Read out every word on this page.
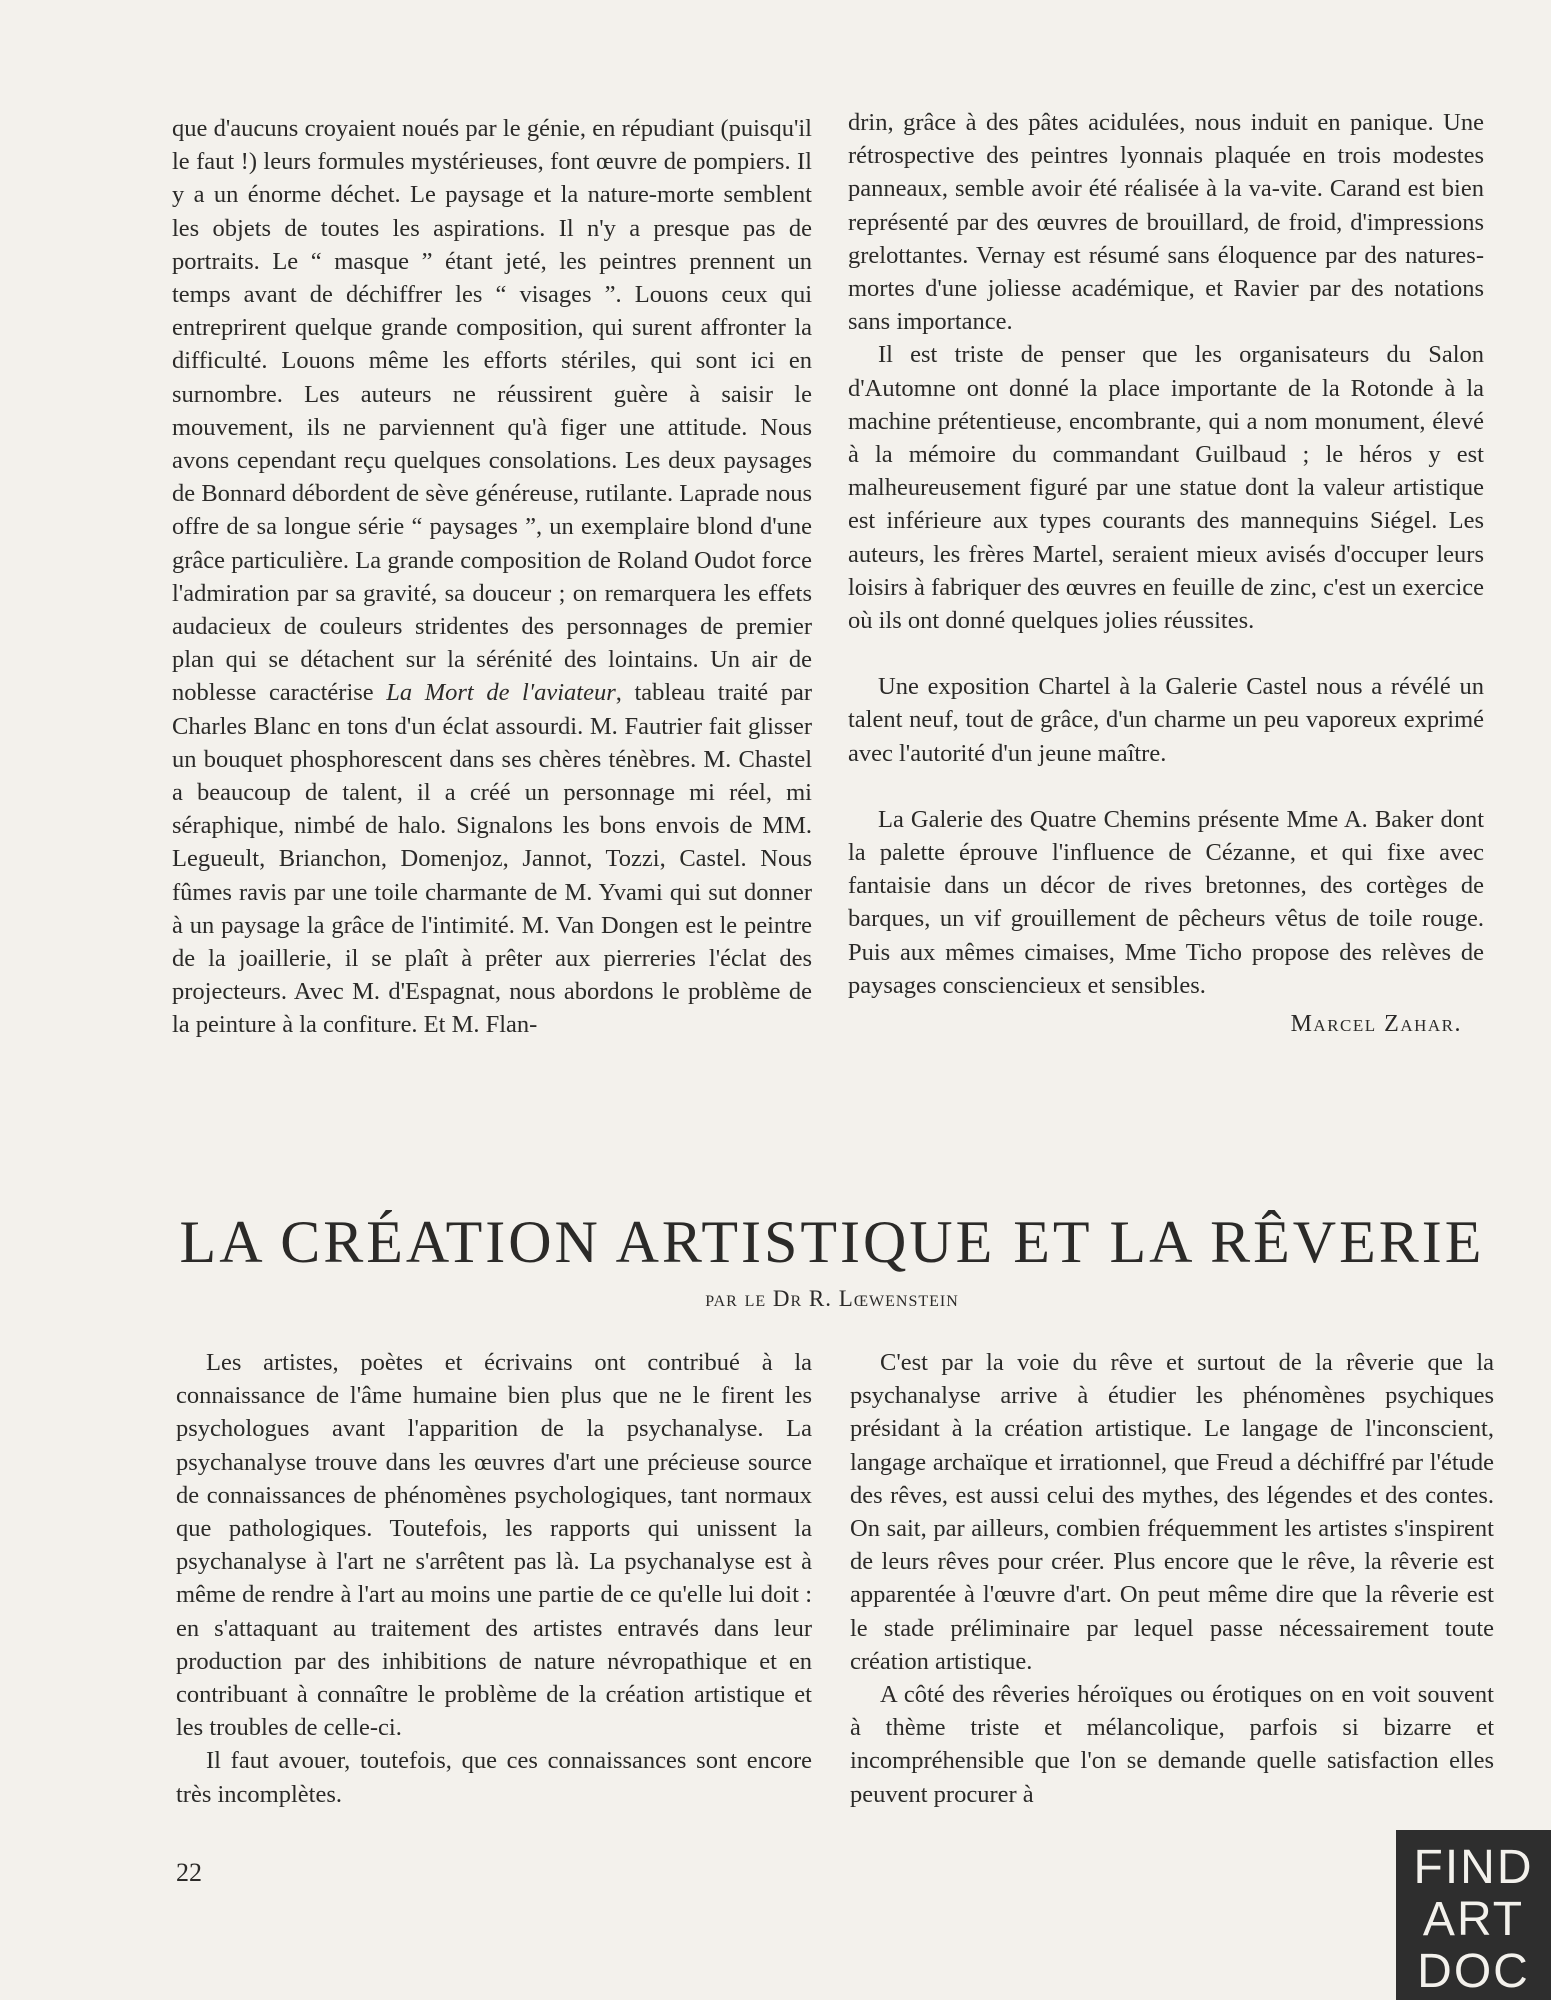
que d'aucuns croyaient noués par le génie, en répudiant (puisqu'il le faut !) leurs formules mystérieuses, font œuvre de pompiers. Il y a un énorme déchet. Le paysage et la nature-morte semblent les objets de toutes les aspirations. Il n'y a presque pas de portraits. Le “ masque ” étant jeté, les peintres prennent un temps avant de déchiffrer les “ visages ”. Louons ceux qui entreprirent quelque grande composition, qui surent affronter la difficulté. Louons même les efforts stériles, qui sont ici en surnombre. Les auteurs ne réussirent guère à saisir le mouvement, ils ne parviennent qu'à figer une attitude. Nous avons cependant reçu quelques consolations. Les deux paysages de Bonnard débordent de sève généreuse, rutilante. Laprade nous offre de sa longue série “ paysages ”, un exemplaire blond d'une grâce particulière. La grande composition de Roland Oudot force l'admiration par sa gravité, sa douceur ; on remarquera les effets audacieux de couleurs stridentes des personnages de premier plan qui se détachent sur la sérénité des lointains. Un air de noblesse caractérise La Mort de l'aviateur, tableau traité par Charles Blanc en tons d'un éclat assourdi. M. Fautrier fait glisser un bouquet phosphorescent dans ses chères ténèbres. M. Chastel a beaucoup de talent, il a créé un personnage mi réel, mi séraphique, nimbé de halo. Signalons les bons envois de MM. Legueult, Brianchon, Domenjoz, Jannot, Tozzi, Castel. Nous fûmes ravis par une toile charmante de M. Yvami qui sut donner à un paysage la grâce de l'intimité. M. Van Dongen est le peintre de la joaillerie, il se plaît à prêter aux pierreries l'éclat des projecteurs. Avec M. d'Espagnat, nous abordons le problème de la peinture à la confiture. Et M. Flan-

drin, grâce à des pâtes acidulées, nous induit en panique. Une rétrospective des peintres lyonnais plaquée en trois modestes panneaux, semble avoir été réalisée à la va-vite. Carand est bien représenté par des œuvres de brouillard, de froid, d'impressions grelottantes. Vernay est résumé sans éloquence par des natures-mortes d'une joliesse académique, et Ravier par des notations sans importance.

Il est triste de penser que les organisateurs du Salon d'Automne ont donné la place importante de la Rotonde à la machine prétentieuse, encombrante, qui a nom monument, élevé à la mémoire du commandant Guilbaud ; le héros y est malheureusement figuré par une statue dont la valeur artistique est inférieure aux types courants des mannequins Siégel. Les auteurs, les frères Martel, seraient mieux avisés d'occuper leurs loisirs à fabriquer des œuvres en feuille de zinc, c'est un exercice où ils ont donné quelques jolies réussites.

Une exposition Chartel à la Galerie Castel nous a révélé un talent neuf, tout de grâce, d'un charme un peu vaporeux exprimé avec l'autorité d'un jeune maître.

La Galerie des Quatre Chemins présente Mme A. Baker dont la palette éprouve l'influence de Cézanne, et qui fixe avec fantaisie dans un décor de rives bretonnes, des cortèges de barques, un vif grouillement de pêcheurs vêtus de toile rouge. Puis aux mêmes cimaises, Mme Ticho propose des relèves de paysages consciencieux et sensibles.

Marcel Zahar.
LA CRÉATION ARTISTIQUE ET LA RÊVERIE
par le Dr R. Lœwenstein

Les artistes, poètes et écrivains ont contribué à la connaissance de l'âme humaine bien plus que ne le firent les psychologues avant l'apparition de la psychanalyse. La psychanalyse trouve dans les œuvres d'art une précieuse source de connaissances de phénomènes psychologiques, tant normaux que pathologiques. Toutefois, les rapports qui unissent la psychanalyse à l'art ne s'arrêtent pas là. La psychanalyse est à même de rendre à l'art au moins une partie de ce qu'elle lui doit : en s'attaquant au traitement des artistes entravés dans leur production par des inhibitions de nature névropathique et en contribuant à connaître le problème de la création artistique et les troubles de celle-ci.

Il faut avouer, toutefois, que ces connaissances sont encore très incomplètes.

C'est par la voie du rêve et surtout de la rêverie que la psychanalyse arrive à étudier les phénomènes psychiques présidant à la création artistique. Le langage de l'inconscient, langage archaïque et irrationnel, que Freud a déchiffré par l'étude des rêves, est aussi celui des mythes, des légendes et des contes. On sait, par ailleurs, combien fréquemment les artistes s'inspirent de leurs rêves pour créer. Plus encore que le rêve, la rêverie est apparentée à l'œuvre d'art. On peut même dire que la rêverie est le stade préliminaire par lequel passe nécessairement toute création artistique.

A côté des rêveries héroïques ou érotiques on en voit souvent à thème triste et mélancolique, parfois si bizarre et incompréhensible que l'on se demande quelle satisfaction elles peuvent procurer à

22	FIND
ART
DOC
